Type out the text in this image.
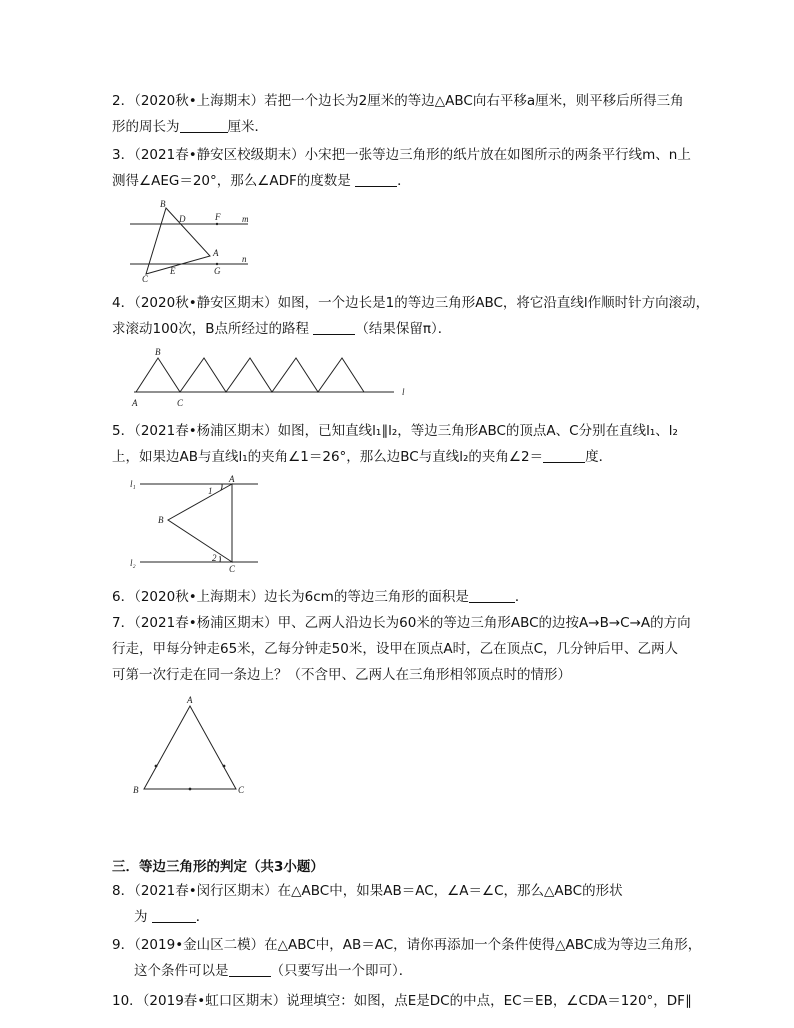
2．（2020秋•上海期末）若把一个边长为2厘米的等边△ABC向右平移a厘米，则平移后所得三角
形的周长为	厘米．
3．（2021春•静安区校级期末）小宋把一张等边三角形的纸片放在如图所示的两条平行线m、n上
测得∠AEG＝20°，那么∠ADF的度数是	．
B
D	F m
A
n
C
E	G
4．（2020秋•静安区期末）如图，一个边长是1的等边三角形ABC，将它沿直线l作顺时针方向滚动，
求滚动100次，B点所经过的路程	（结果保留π）．
B
A	C
l
5．（2021春•杨浦区期末）如图，已知直线l₁∥l₂，等边三角形ABC的顶点A、C分别在直线l₁、l₂
上，如果边AB与直线l₁的夹角∠1＝26°，那么边BC与直线l₂的夹角∠2＝	度．
l₁
l₂
A
B
C
1
2
6．（2020秋•上海期末）边长为6cm的等边三角形的面积是	．
7．（2021春•杨浦区期末）甲、乙两人沿边长为60米的等边三角形ABC的边按A→B→C→A的方向
行走，甲每分钟走65米，乙每分钟走50米，设甲在顶点A时，乙在顶点C，几分钟后甲、乙两人
可第一次行走在同一条边上？（不含甲、乙两人在三角形相邻顶点时的情形）
A
B	C
三．等边三角形的判定（共3小题）
8．（2021春•闵行区期末）在△ABC中，如果AB＝AC，∠A＝∠C，那么△ABC的形状
为	．
9．（2019•金山区二模）在△ABC中，AB＝AC，请你再添加一个条件使得△ABC成为等边三角形，
这个条件可以是	（只要写出一个即可）．
10．（2019春•虹口区期末）说理填空：如图，点E是DC的中点，EC＝EB，∠CDA＝120°，DF∥
